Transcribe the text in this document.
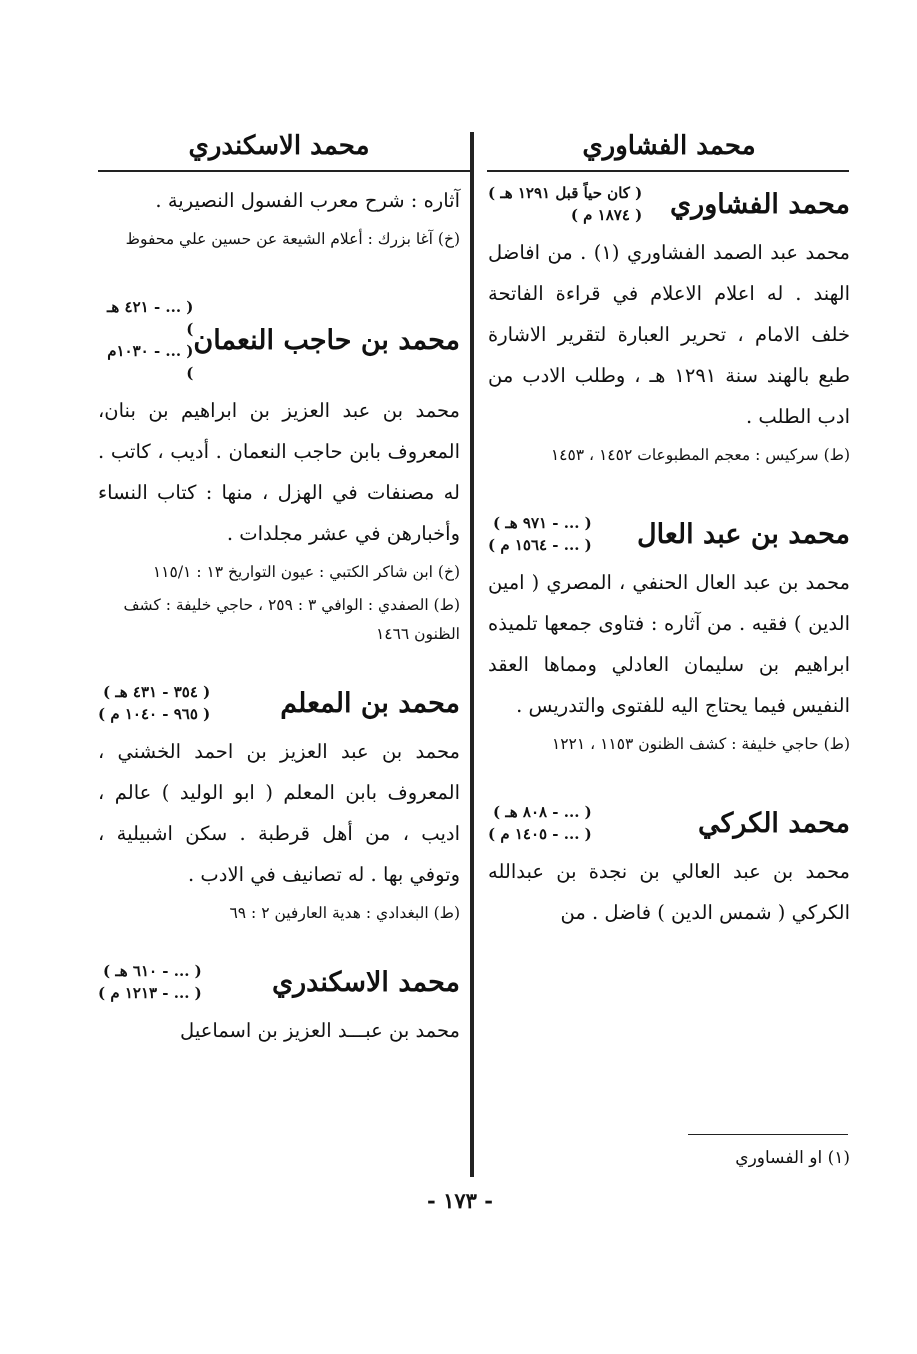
محمد الفشاوري
محمد الفشاوري
( كان حياً قبل ١٢٩١ هـ )
( ١٨٧٤ م )

محمد عبد الصمد الفشاوري (١) . من افاضل الهند . له اعلام الاعلام في قراءة الفاتحة خلف الامام ، تحرير العبارة لتقرير الاشارة طبع بالهند سنة ١٢٩١ هـ ، وطلب الادب من ادب الطلب .

(ط) سركيس : معجم المطبوعات ١٤٥٢ ، ١٤٥٣

محمد بن عبد العال
( ... - ٩٧١ هـ )
( ... - ١٥٦٤ م )

محمد بن عبد العال الحنفي ، المصري ( امين الدين ) فقيه . من آثاره : فتاوى جمعها تلميذه ابراهيم بن سليمان العادلي ومماها العقد النفيس فيما يحتاج اليه للفتوى والتدريس .

(ط) حاجي خليفة : كشف الظنون ١١٥٣ ، ١٢٢١

محمد الكركي
( ... - ٨٠٨ هـ )
( ... - ١٤٠٥ م )

محمد بن عبد العالي بن نجدة بن عبدالله الكركي ( شمس الدين ) فاضل . من

(١) او الفساوري
محمد الاسكندري

آثاره : شرح معرب الفسول النصيرية .

(خ) آغا بزرك : أعلام الشيعة عن حسين علي محفوظ

محمد بن حاجب النعمان
( ... - ٤٢١ هـ )
( ... - ١٠٣٠م )

محمد بن عبد العزيز بن ابراهيم بن بنان، المعروف بابن حاجب النعمان . أديب ، كاتب . له مصنفات في الهزل ، منها : كتاب النساء وأخبارهن في عشر مجلدات .

(خ) ابن شاكر الكتبي : عيون التواريخ ١٣ : ١١٥/١

(ط) الصفدي : الوافي ٣ : ٢٥٩ ، حاجي خليفة : كشف الظنون ١٤٦٦

محمد بن المعلم
( ٣٥٤ - ٤٣١ هـ )
( ٩٦٥ - ١٠٤٠ م )

محمد بن عبد العزيز بن احمد الخشني ، المعروف بابن المعلم ( ابو الوليد ) عالم ، اديب ، من أهل قرطبة . سكن اشبيلية ، وتوفي بها . له تصانيف في الادب .

(ط) البغدادي : هدية العارفين ٢ : ٦٩

محمد الاسكندري
( ... - ٦١٠ هـ )
( ... - ١٢١٣ م )

محمد بن عبـــد العزيز بن اسماعيل

- ١٧٣ -
